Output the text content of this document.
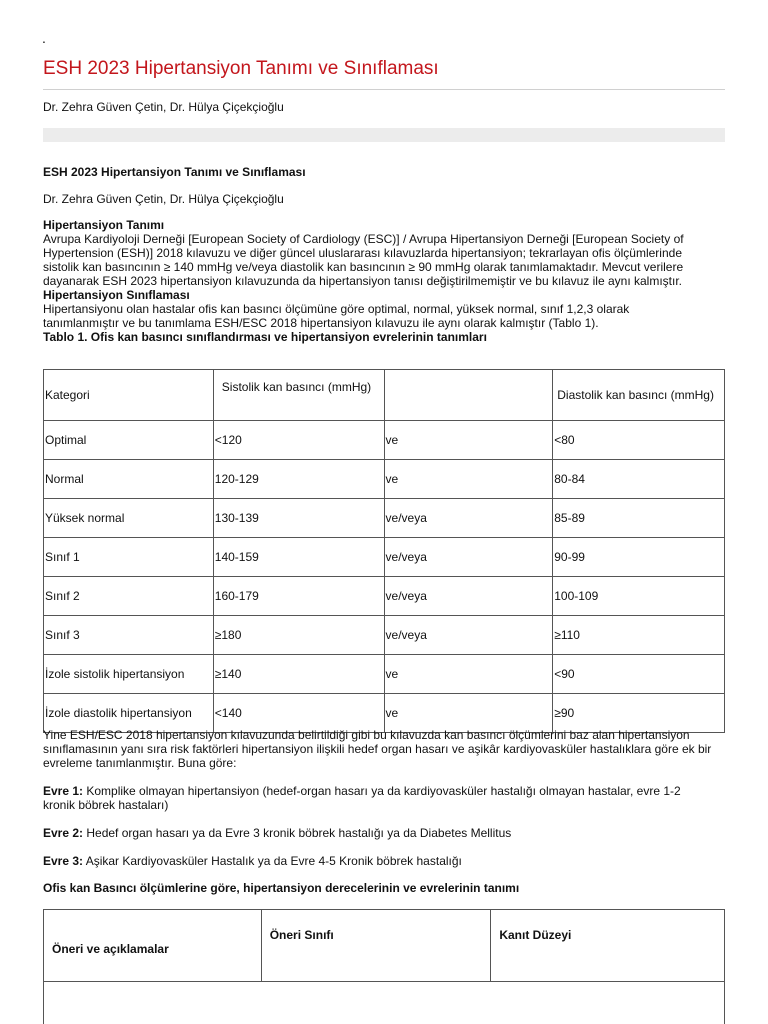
.
ESH 2023 Hipertansiyon Tanımı ve Sınıflaması
Dr. Zehra Güven Çetin, Dr. Hülya Çiçekçioğlu

ESH 2023 Hipertansiyon Tanımı ve Sınıflaması

Dr. Zehra Güven Çetin, Dr. Hülya Çiçekçioğlu

Hipertansiyon Tanımı

Avrupa Kardiyoloji Derneği [European Society of Cardiology (ESC)] / Avrupa Hipertansiyon Derneği [European Society of Hypertension (ESH)] 2018 kılavuzu ve diğer güncel uluslararası kılavuzlarda hipertansiyon; tekrarlayan ofis ölçümlerinde sistolik kan basıncının ≥ 140 mmHg ve/veya diastolik kan basıncının ≥ 90 mmHg olarak tanımlamaktadır. Mevcut verilere dayanarak ESH 2023 hipertansiyon kılavuzunda da hipertansiyon tanısı değiştirilmemiştir ve bu kılavuz ile aynı kalmıştır.

Hipertansiyon Sınıflaması

Hipertansiyonu olan hastalar ofis kan basıncı ölçümüne göre optimal, normal, yüksek normal, sınıf 1,2,3 olarak tanımlanmıştır ve bu tanımlama ESH/ESC 2018 hipertansiyon kılavuzu ile aynı olarak kalmıştır (Tablo 1).

Tablo 1. Ofis kan basıncı sınıflandırması ve hipertansiyon evrelerinin tanımları

Kategori	Sistolik kan basıncı (mmHg)		Diastolik kan basıncı (mmHg)
Optimal	<120	ve	<80
Normal	120-129	ve	80-84
Yüksek normal	130-139	ve/veya	85-89
Sınıf 1	140-159	ve/veya	90-99
Sınıf 2	160-179	ve/veya	100-109
Sınıf 3	≥180	ve/veya	≥110
İzole sistolik hipertansiyon	≥140	ve	<90
İzole diastolik hipertansiyon	<140	ve	≥90

Yine ESH/ESC 2018 hipertansiyon kılavuzunda belirtildiği gibi bu kılavuzda kan basıncı ölçümlerini baz alan hipertansiyon sınıflamasının yanı sıra risk faktörleri hipertansiyon ilişkili hedef organ hasarı ve aşikâr kardiyovasküler hastalıklara göre ek bir evreleme tanımlanmıştır. Buna göre:

Evre 1: Komplike olmayan hipertansiyon (hedef-organ hasarı ya da kardiyovasküler hastalığı olmayan hastalar, evre 1-2 kronik böbrek hastaları)

Evre 2: Hedef organ hasarı ya da Evre 3 kronik böbrek hastalığı ya da Diabetes Mellitus

Evre 3: Aşikar Kardiyovasküler Hastalık ya da Evre 4-5 Kronik böbrek hastalığı

Ofis kan Basıncı ölçümlerine göre, hipertansiyon derecelerinin ve evrelerinin tanımı
Öneri ve açıklamalar	Öneri Sınıfı	Kanıt Düzeyi
